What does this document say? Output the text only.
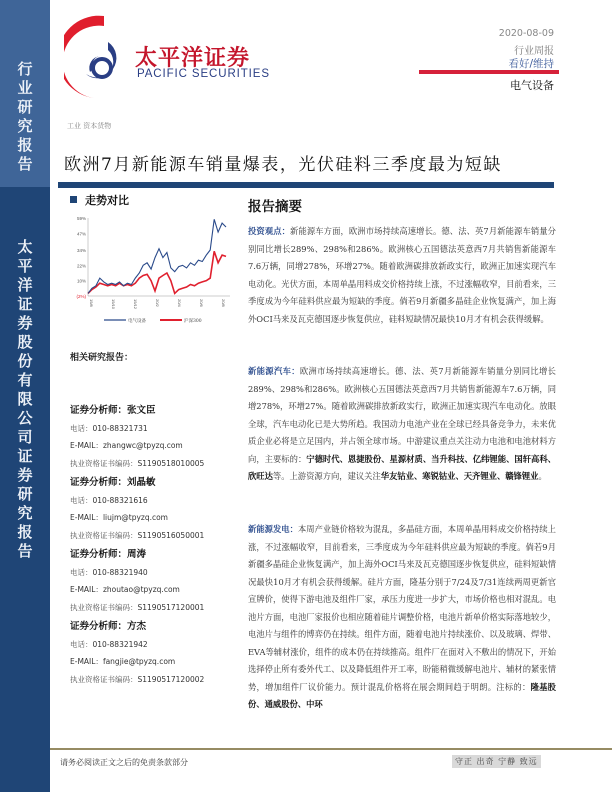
行
业
研
究
报
告
太
平
洋
证
券
股
份
有
限
公
司
证
券
研
究
报
告
太平洋证券
PACIFIC SECURITIES
2020-08-09
行业周报
看好/维持
电气设备
工业 资本货物
欧洲7月新能源车销量爆表，光伏硅料三季度最为短缺
走势对比
(2%)
10%
22%
34%
47%
59%
19/8	19/10	19/12	20/2	20/4	20/6	20/8
电气设备	沪深300
相关研究报告：
证券分析师：张文臣
电话：010-88321731
E-MAIL：zhangwc@tpyzq.com
执业资格证书编码：S1190518010005
证券分析师：刘晶敏
电话：010-88321616
E-MAIL：liujm@tpyzq.com
执业资格证书编码：S1190516050001
证券分析师：周涛
电话：010-88321940
E-MAIL：zhoutao@tpyzq.com
执业资格证书编码：S1190517120001
证券分析师：方杰
电话：010-88321942
E-MAIL：fangjie@tpyzq.com
执业资格证书编码：S1190517120002
报告摘要
投资观点：新能源车方面，欧洲市场持续高速增长。德、法、英7月新能源车销量分别同比增长289%、298%和286%。欧洲核心五国德法英意西7月共销售新能源车7.6万辆，同增278%，环增27%。随着欧洲碳排放新政实行，欧洲正加速实现汽车电动化。光伏方面，本周单晶用料成交价格持续上涨，不过涨幅收窄，目前看来，三季度成为今年硅料供应最为短缺的季度。倘若9月新疆多晶硅企业恢复满产，加上海外OCI马来及瓦克德国逐步恢复供应，硅料短缺情况最快10月才有机会获得缓解。
新能源汽车：欧洲市场持续高速增长。德、法、英7月新能源车销量分别同比增长289%、298%和286%。欧洲核心五国德法英意西7月共销售新能源车7.6万辆，同增278%，环增27%。随着欧洲碳排放新政实行，欧洲正加速实现汽车电动化。放眼全球，汽车电动化已是大势所趋。我国动力电池产业在全球已经具备竞争力，未来优质企业必将是立足国内，并占领全球市场。中游建议重点关注动力电池和电池材料方向，主要标的：宁德时代、恩捷股份、星源材质、当升科技、亿纬锂能、国轩高科、欣旺达等。上游资源方向，建议关注华友钴业、寒锐钴业、天齐锂业、赣锋锂业。
新能源发电：本周产业链价格较为混乱，多晶硅方面，本周单晶用料成交价格持续上涨，不过涨幅收窄，目前看来，三季度成为今年硅料供应最为短缺的季度。倘若9月新疆多晶硅企业恢复满产，加上海外OCI马来及瓦克德国逐步恢复供应，硅料短缺情况最快10月才有机会获得缓解。硅片方面，隆基分别于7/24及7/31连续两周更新官宣牌价，使得下游电池及组件厂家，承压力度进一步扩大，市场价格也相对混乱。电池片方面，电池厂家报价也相应随着硅片调整价格，电池片新单价格实际落地较少，电池片与组件的博弈仍在持续。组件方面，随着电池片持续涨价、以及玻璃、焊带、EVA等辅材涨价，组件的成本仍在持续推高。组件厂在面对入不敷出的情况下，开始选择停止所有委外代工、以及降低组件开工率，盼能稍微缓解电池片、辅材的紧张情势，增加组件厂议价能力。预计混乱价格将在展会期间趋于明朗。注标的：隆基股份、通威股份、中环
请务必阅读正文之后的免责条款部分	守正 出奇 宁静 致远
